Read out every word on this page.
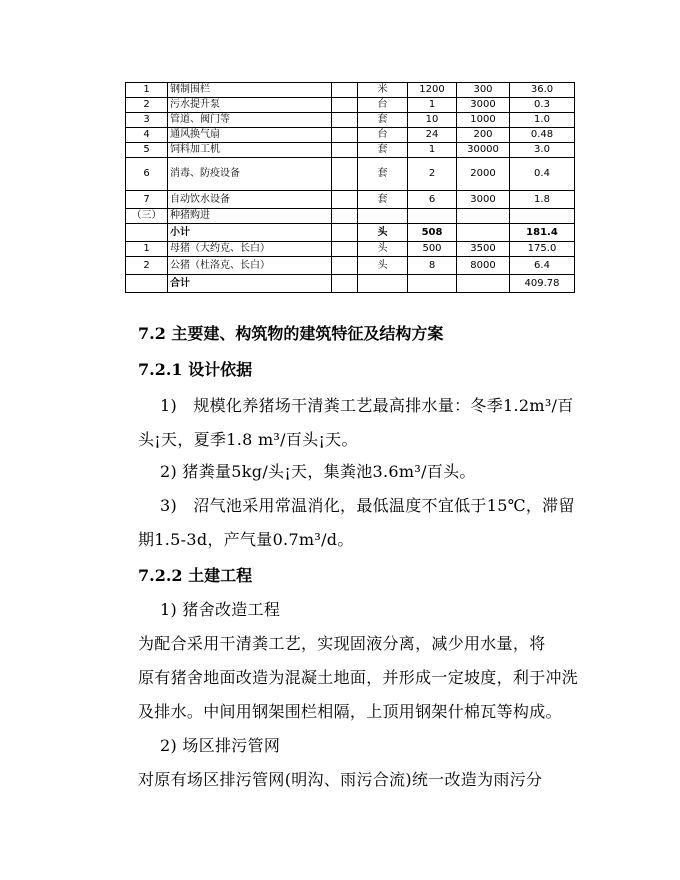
1	钢制围栏		米	1200	300	36.0
2	污水提升泵		台	1	3000	0.3
3	管道、阀门等		套	10	1000	1.0
4	通风换气扇		台	24	200	0.48
5	饲料加工机		套	1	30000	3.0
6	消毒、防疫设备		套	2	2000	0.4
7	自动饮水设备		套	6	3000	1.8
（三）	种猪购进					
	小计		头	508		181.4
1	母猪（大约克、长白）		头	500	3500	175.0
2	公猪（杜洛克、长白）		头	8	8000	6.4
	合计					409.78
7.2 主要建、构筑物的建筑特征及结构方案
7.2.1 设计依据
1)　规模化养猪场干清粪工艺最高排水量：冬季1.2m³/百
头¡天，夏季1.8 m³/百头¡天。
2) 猪粪量5kg/头¡天，集粪池3.6m³/百头。
3)　沼气池采用常温消化，最低温度不宜低于15℃，滞留
期1.5-3d，产气量0.7m³/d。
7.2.2 土建工程
1) 猪舍改造工程
为配合采用干清粪工艺，实现固液分离，减少用水量，将
原有猪舍地面改造为混凝土地面，并形成一定坡度，利于冲洗
及排水。中间用钢架围栏相隔，上顶用钢架什棉瓦等构成。
2) 场区排污管网
对原有场区排污管网(明沟、雨污合流)统一改造为雨污分
